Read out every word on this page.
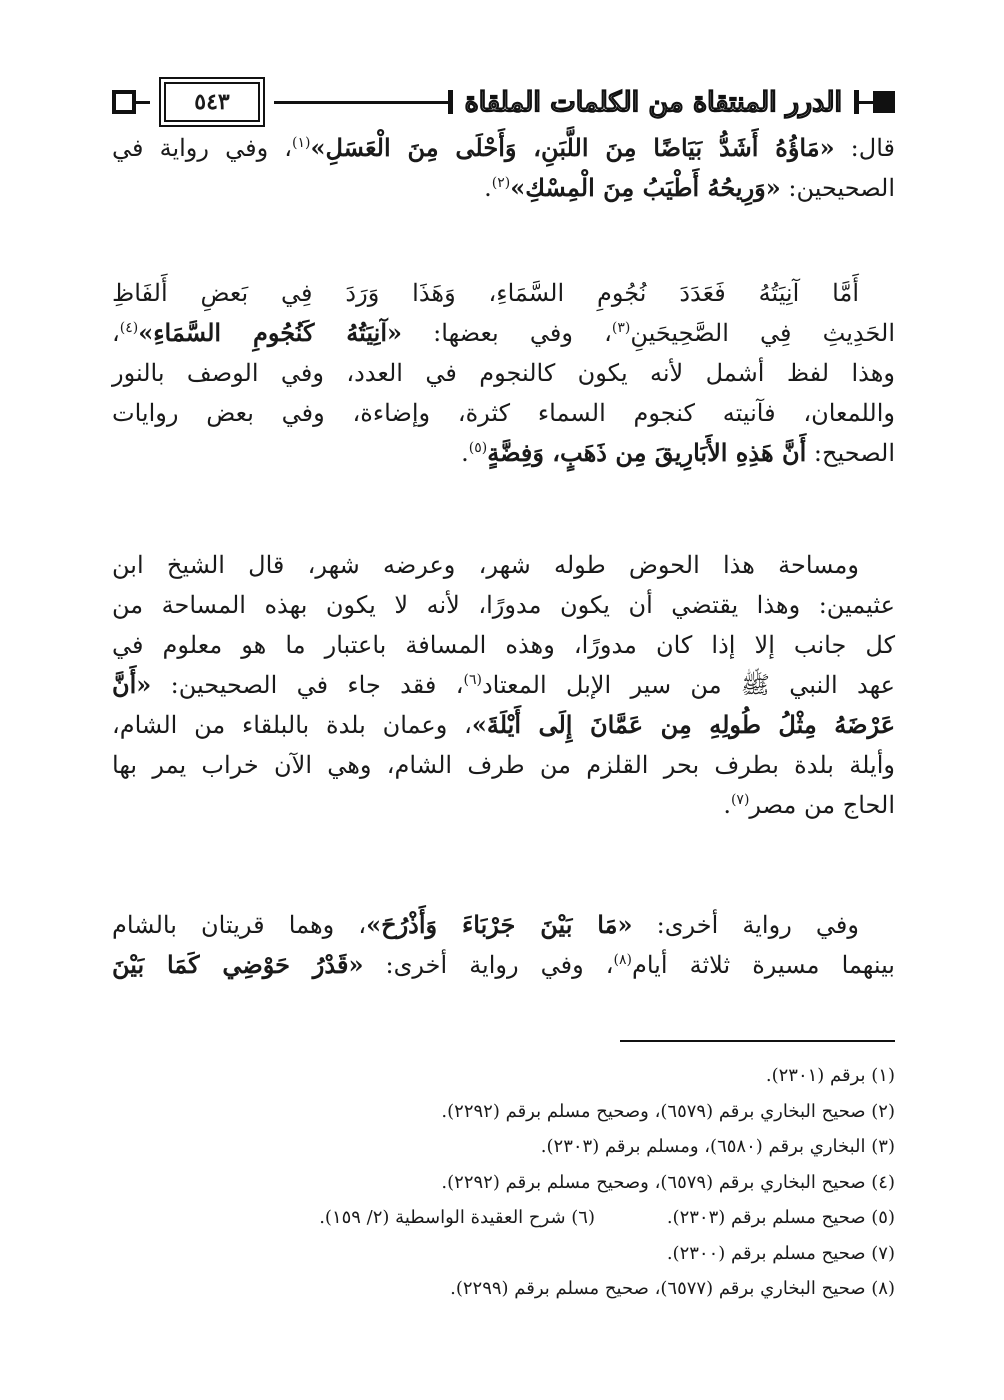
الدرر المنتقاة من الكلمات الملقاة
٥٤٣
قال: «مَاؤُهُ أَشَدُّ بَيَاضًا مِنَ اللَّبَنِ، وَأَحْلَى مِنَ الْعَسَلِ»$^{(١)}$، وفي رواية في
الصحيحين: «وَرِيحُهُ أَطْيَبُ مِنَ الْمِسْكِ»$^{(٢)}$.
أَمَّا آنِيَتُهُ فَعَدَدَ نُجُومِ السَّمَاءِ، وَهَذَا وَرَدَ فِي بَعضِ أَلفَاظِ
الحَدِيثِ فِي الصَّحِيحَينِ$^{(٣)}$، وفي بعضها: «آنِيَتُهُ كَنُجُومِ السَّمَاءِ»$^{(٤)}$،
وهذا لفظ أشمل لأنه يكون كالنجوم في العدد، وفي الوصف بالنور
واللمعان، فآنيته كنجوم السماء كثرة، وإضاءة، وفي بعض روايات
الصحيح: أَنَّ هَذِهِ الأَبَارِيقَ مِن ذَهَبٍ، وَفِضَّةٍ$^{(٥)}$.
ومساحة هذا الحوض طوله شهر، وعرضه شهر، قال الشيخ ابن
عثيمين: وهذا يقتضي أن يكون مدورًا، لأنه لا يكون بهذه المساحة من
كل جانب إلا إذا كان مدورًا، وهذه المسافة باعتبار ما هو معلوم في
عهد النبي ﷺ من سير الإبل المعتاد$^{(٦)}$، فقد جاء في الصحيحين: «أَنَّ
عَرْضَهُ مِثْلُ طُولِهِ مِن عَمَّانَ إِلَى أَيْلَةَ»، وعمان بلدة بالبلقاء من الشام،
وأيلة بلدة بطرف بحر القلزم من طرف الشام، وهي الآن خراب يمر بها
الحاج من مصر$^{(٧)}$.
وفي رواية أخرى: «مَا بَيْنَ جَرْبَاءَ وَأَذْرُحَ»، وهما قريتان بالشام
بينهما مسيرة ثلاثة أيام$^{(٨)}$، وفي رواية أخرى: «قَدْرُ حَوْضِي كَمَا بَيْنَ
(١) برقم (٢٣٠١).
(٢) صحيح البخاري برقم (٦٥٧٩)، وصحيح مسلم برقم (٢٢٩٢).
(٣) البخاري برقم (٦٥٨٠)، ومسلم برقم (٢٣٠٣).
(٤) صحيح البخاري برقم (٦٥٧٩)، وصحيح مسلم برقم (٢٢٩٢).
(٥) صحيح مسلم برقم (٢٣٠٣).
(٦) شرح العقيدة الواسطية (٢/ ١٥٩).
(٧) صحيح مسلم برقم (٢٣٠٠).
(٨) صحيح البخاري برقم (٦٥٧٧)، صحيح مسلم برقم (٢٢٩٩).
